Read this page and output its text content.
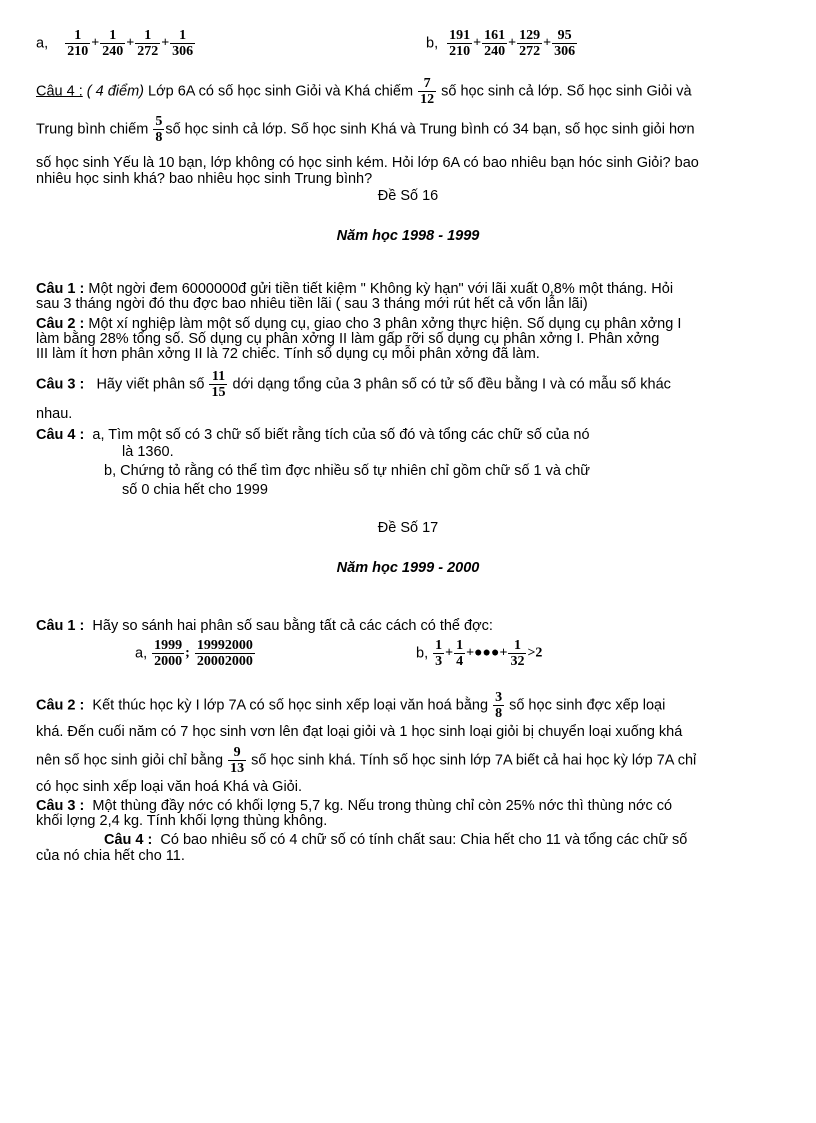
a, $\frac{1}{210} + \frac{1}{240} + \frac{1}{272} + \frac{1}{306}$	b, $\frac{191}{210} + \frac{161}{240} + \frac{129}{272} + \frac{95}{306}$
Câu 4 : ( 4 điểm) Lớp 6A có số học sinh Giỏi và Khá chiếm $\frac{7}{12}$ số học sinh cả lớp. Số học sinh Giỏi và
Trung bình chiếm $\frac{5}{8}$ số học sinh cả lớp. Số học sinh Khá và Trung bình có 34 bạn, số học sinh giỏi hơn
số học sinh Yếu là 10 bạn, lớp không có học sinh kém. Hỏi lớp 6A có bao nhiêu bạn hóc sinh Giỏi? bao
nhiêu học sinh khá? bao nhiêu học sinh Trung bình?
Đề Số 16
Năm học 1998 - 1999
Câu 1 : Một ngời đem 6000000đ gửi tiền tiết kiệm " Không kỳ hạn" với lãi xuất 0,8% một tháng. Hỏi
sau 3 tháng ngời đó thu đợc bao nhiêu tiền lãi ( sau 3 tháng mới rút hết cả vốn lẫn lãi)
Câu 2 : Một xí nghiệp làm một số dụng cụ, giao cho 3 phân xởng thực hiện. Số dụng cụ phân xởng I
làm bằng 28% tổng số. Số dụng cụ phân xởng II làm gấp rỡi số dụng cụ phân xởng I. Phân xởng
III làm ít hơn phân xởng II là 72 chiếc. Tính số dụng cụ mỗi phân xởng đã làm.
Câu 3 : Hãy viết phân số $\frac{11}{15}$ dới dạng tổng của 3 phân số có tử số đều bằng I và có mẫu số khác
nhau.
Câu 4 : a, Tìm một số có 3 chữ số biết rằng tích của số đó và tổng các chữ số của nó
là 1360.
b, Chứng tỏ rằng có thể tìm đợc nhiều số tự nhiên chỉ gồm chữ số 1 và chữ
số 0 chia hết cho 1999
Đề Số 17
Năm học 1999 - 2000
Câu 1 : Hãy so sánh hai phân số sau bằng tất cả các cách có thể đợc:
a, $\frac{1999}{2000}$ ; $\frac{19992000}{20002000}$	b, $\frac{1}{3} + \frac{1}{4}$ +●●●+ $\frac{1}{32} >2$
Câu 2 : Kết thúc học kỳ I lớp 7A có số học sinh xếp loại văn hoá bằng $\frac{3}{8}$ số học sinh đợc xếp loại
khá. Đến cuối năm có 7 học sinh vơn lên đạt loại giỏi và 1 học sinh loại giỏi bị chuyển loại xuống khá
nên số học sinh giỏi chỉ bằng $\frac{9}{13}$ số học sinh khá. Tính số học sinh lớp 7A biết cả hai học kỳ lớp 7A chỉ
có học sinh xếp loại văn hoá Khá và Giỏi.
Câu 3 : Một thùng đầy nớc có khối lợng 5,7 kg. Nếu trong thùng chỉ còn 25% nớc thì thùng nớc có
khối lợng 2,4 kg. Tính khối lợng thùng không.
Câu 4 : Có bao nhiêu số có 4 chữ số có tính chất sau: Chia hết cho 11 và tổng các chữ số
của nó chia hết cho 11.
